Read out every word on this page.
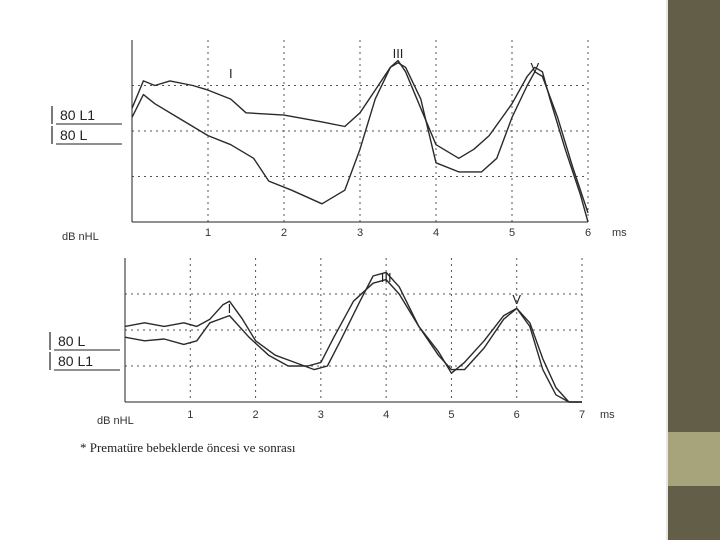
1	2	3	4	5	6
I
III
V
80 L1
80 L
dB nHL	ms
1	2	3	4	5	6	7
I
III
V
80 L
80 L1
dB nHL	ms
* Prematüre bebeklerde öncesi ve sonrası
